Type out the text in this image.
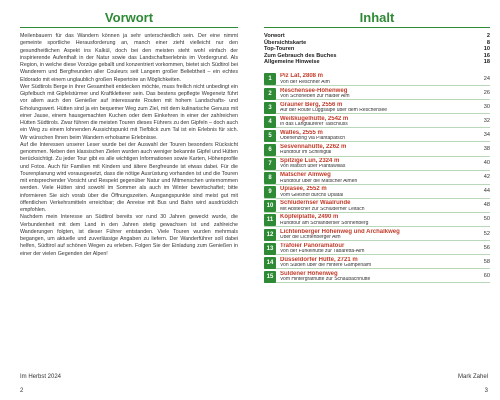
Vorwort

Meilenbauern für das Wandern können ja sehr unterschiedlich sein. Der eine nimmt gemeinte sportliche Herausforderung an, manch einer zieht vielleicht nur den gesundheitlichen Aspekt ins Kalkül, doch bei den meisten steht wohl einfach der inspirierende Aufenthalt in der Natur sowie das Landschaftserlebnis im Vordergrund. Als Region, in welche diese Vorzüge geballt und konzentriert vorkommen, bietet sich Südtirol bei Wanderern und Bergfreunden aller Couleurs seit Langem großer Beliebtheit – ein echtes Eldorado mit einem unglaublich großen Repertoire an Möglichkeiten.

Wer Südtirols Berge in ihrer Gesamtheit entdecken möchte, muss freilich nicht unbedingt ein Gipfelbuch mit Gipfelstürmer und Kraftkletterer sein. Das bestens gepflegte Wegenetz führt vor allem auch den Genießer auf interessante Routen mit hohem Landschafts- und Erholungswert. Hütten sind ja ein bequemer Weg zum Ziel, mit dem kulinarische Genuss mit einer Jause, einem hausgemachten Kuchen oder dem Einkehren in einer der zahlreichen Hütten Südtirols. Zwar führen die meisten Touren dieses Führers zu den Gipfeln – doch auch ein Weg zu einem lohnenden Aussichtspunkt mit Tiefblick zum Tal ist ein Erlebnis für sich. Wir wünschen Ihnen beim Wandern erholsame Erlebnisse.

Auf die Interessen unserer Leser wurde bei der Auswahl der Touren besonders Rücksicht genommen. Neben den klassischen Zielen wurden auch weniger bekannte Gipfel und Hütten berücksichtigt. Zu jeder Tour gibt es alle wichtigen Informationen sowie Karten, Höhenprofile und Fotos. Auch für Familien mit Kindern und ältere Bergfreunde ist etwas dabei. Für die Tourenplanung wird vorausgesetzt, dass die nötige Ausrüstung vorhanden ist und die Touren mit entsprechender Vorsicht und Respekt gegenüber Natur und Mitmenschen unternommen werden. Viele Hütten sind sowohl im Sommer als auch im Winter bewirtschaftet; bitte informieren Sie sich vorab über die Öffnungszeiten. Ausgangspunkte sind meist gut mit öffentlichen Verkehrsmitteln erreichbar; die Anreise mit Bus und Bahn wird ausdrücklich empfohlen.

Nachdem mein Interesse an Südtirol bereits vor rund 30 Jahren geweckt wurde, die Verbundenheit mit dem Land in den Jahren stetig gewachsen ist und zahlreiche Wanderungen folgten, ist dieser Führer entstanden. Viele Touren wurden mehrmals begangen, um aktuelle und zuverlässige Angaben zu liefern. Der Wanderführer soll dabei helfen, Südtirol auf schönen Wegen zu erleben. Folgen Sie der Einladung zum Genießen in einer der vielen Gegenden der Alpen!

Im Herbst 2024	Mark Zahel
2
Inhalt
Vorwort	2
Übersichtskarte	8
Top-Touren	10
Zum Gebrauch des Buches	16
Allgemeine Hinweise	18
1	Piz Lat, 2808 m
Von der Reschner Alm
24
2	Reschensee-Höhenweg
Von Schöneben zur Haider Alm
26
3	Grauner Berg, 2556 m
Auf der Route Luggsalpe über dem Reschensee
30
4	Weißkugelhütte, 2542 m
In das Langtauferer Talschluss
32
5	Watles, 2555 m
Oberlenzing via Plantapatsch
34
6	Sesvennahütte, 2262 m
Rundtour im Schlinigtal
38
7	Spitzige Lun, 2324 m
Von Matsch über Plantawillas
40
8	Matscher Almweg
Rundtour über die Matscher Almen
42
9	Upiasee, 2552 m
Vom Glieshof durchs Upiatal
44
10	Schludernser Waalrunde
Mit Abstecher zur Schluderner Leitach
48
11	Köpfelplatte, 2490 m
Rundtour am Schlanderser Sonnenberg
50
12	Lichtenberger Höhenweg und Archalkweg
Über die Lichtenberger Alm
52
13	Trafoier Panoramatour
Von der Furkelhütte zur Tabaretta-Alm
56
14	Düsseldorfer Hütte, 2721 m
Von Sulden über die Hintere Gampenalm
58
15	Suldener Höhenweg
Vom Hintergrathütte zur Schaubachhütte
60
3
